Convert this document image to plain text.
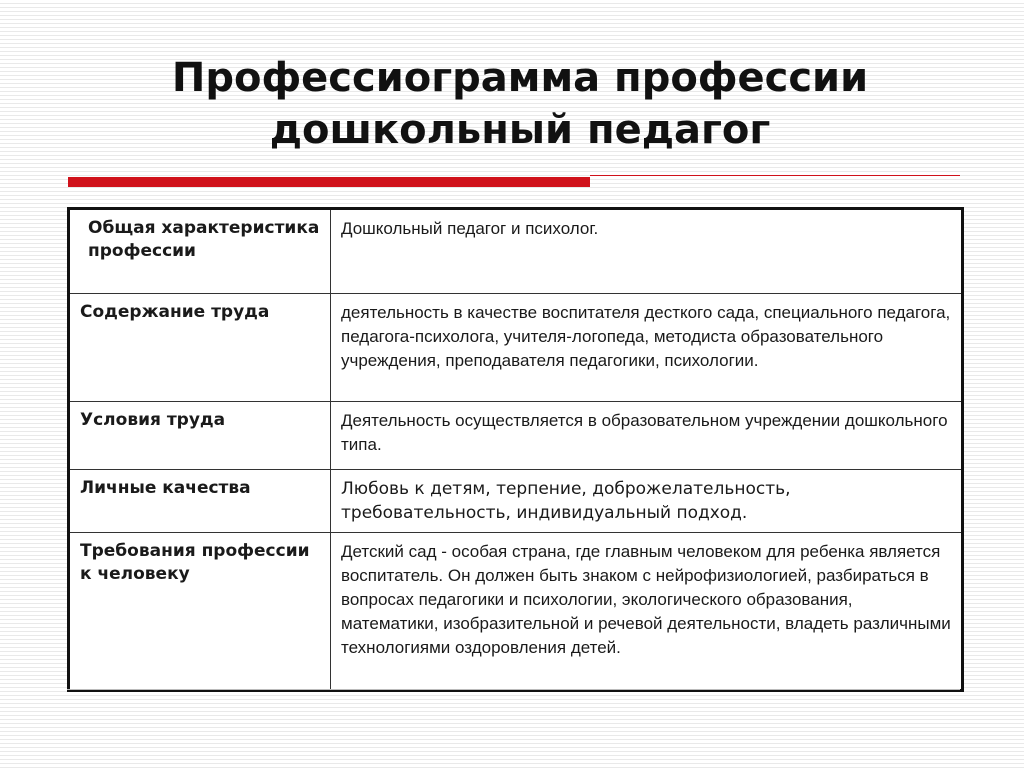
Профессиограмма профессии
дошкольный педагог
Общая характеристика профессии	Дошкольный педагог и психолог.
Содержание труда	деятельность в качестве воспитателя десткого сада, специального педагога, педагога-психолога, учителя-логопеда, методиста образовательного учреждения, преподавателя педагогики, психологии.
Условия труда	Деятельность осуществляется в образовательном учреждении дошкольного типа.
Личные качества	Любовь к детям, терпение, доброжелательность, требовательность, индивидуальный подход.
Требования профессии к человеку	Детский сад - особая страна, где главным человеком для ребенка является воспитатель. Он должен быть знаком с нейрофизиологией, разбираться в вопросах педагогики и психологии, экологического образования, математики, изобразительной и речевой деятельности, владеть различными технологиями оздоровления детей.
